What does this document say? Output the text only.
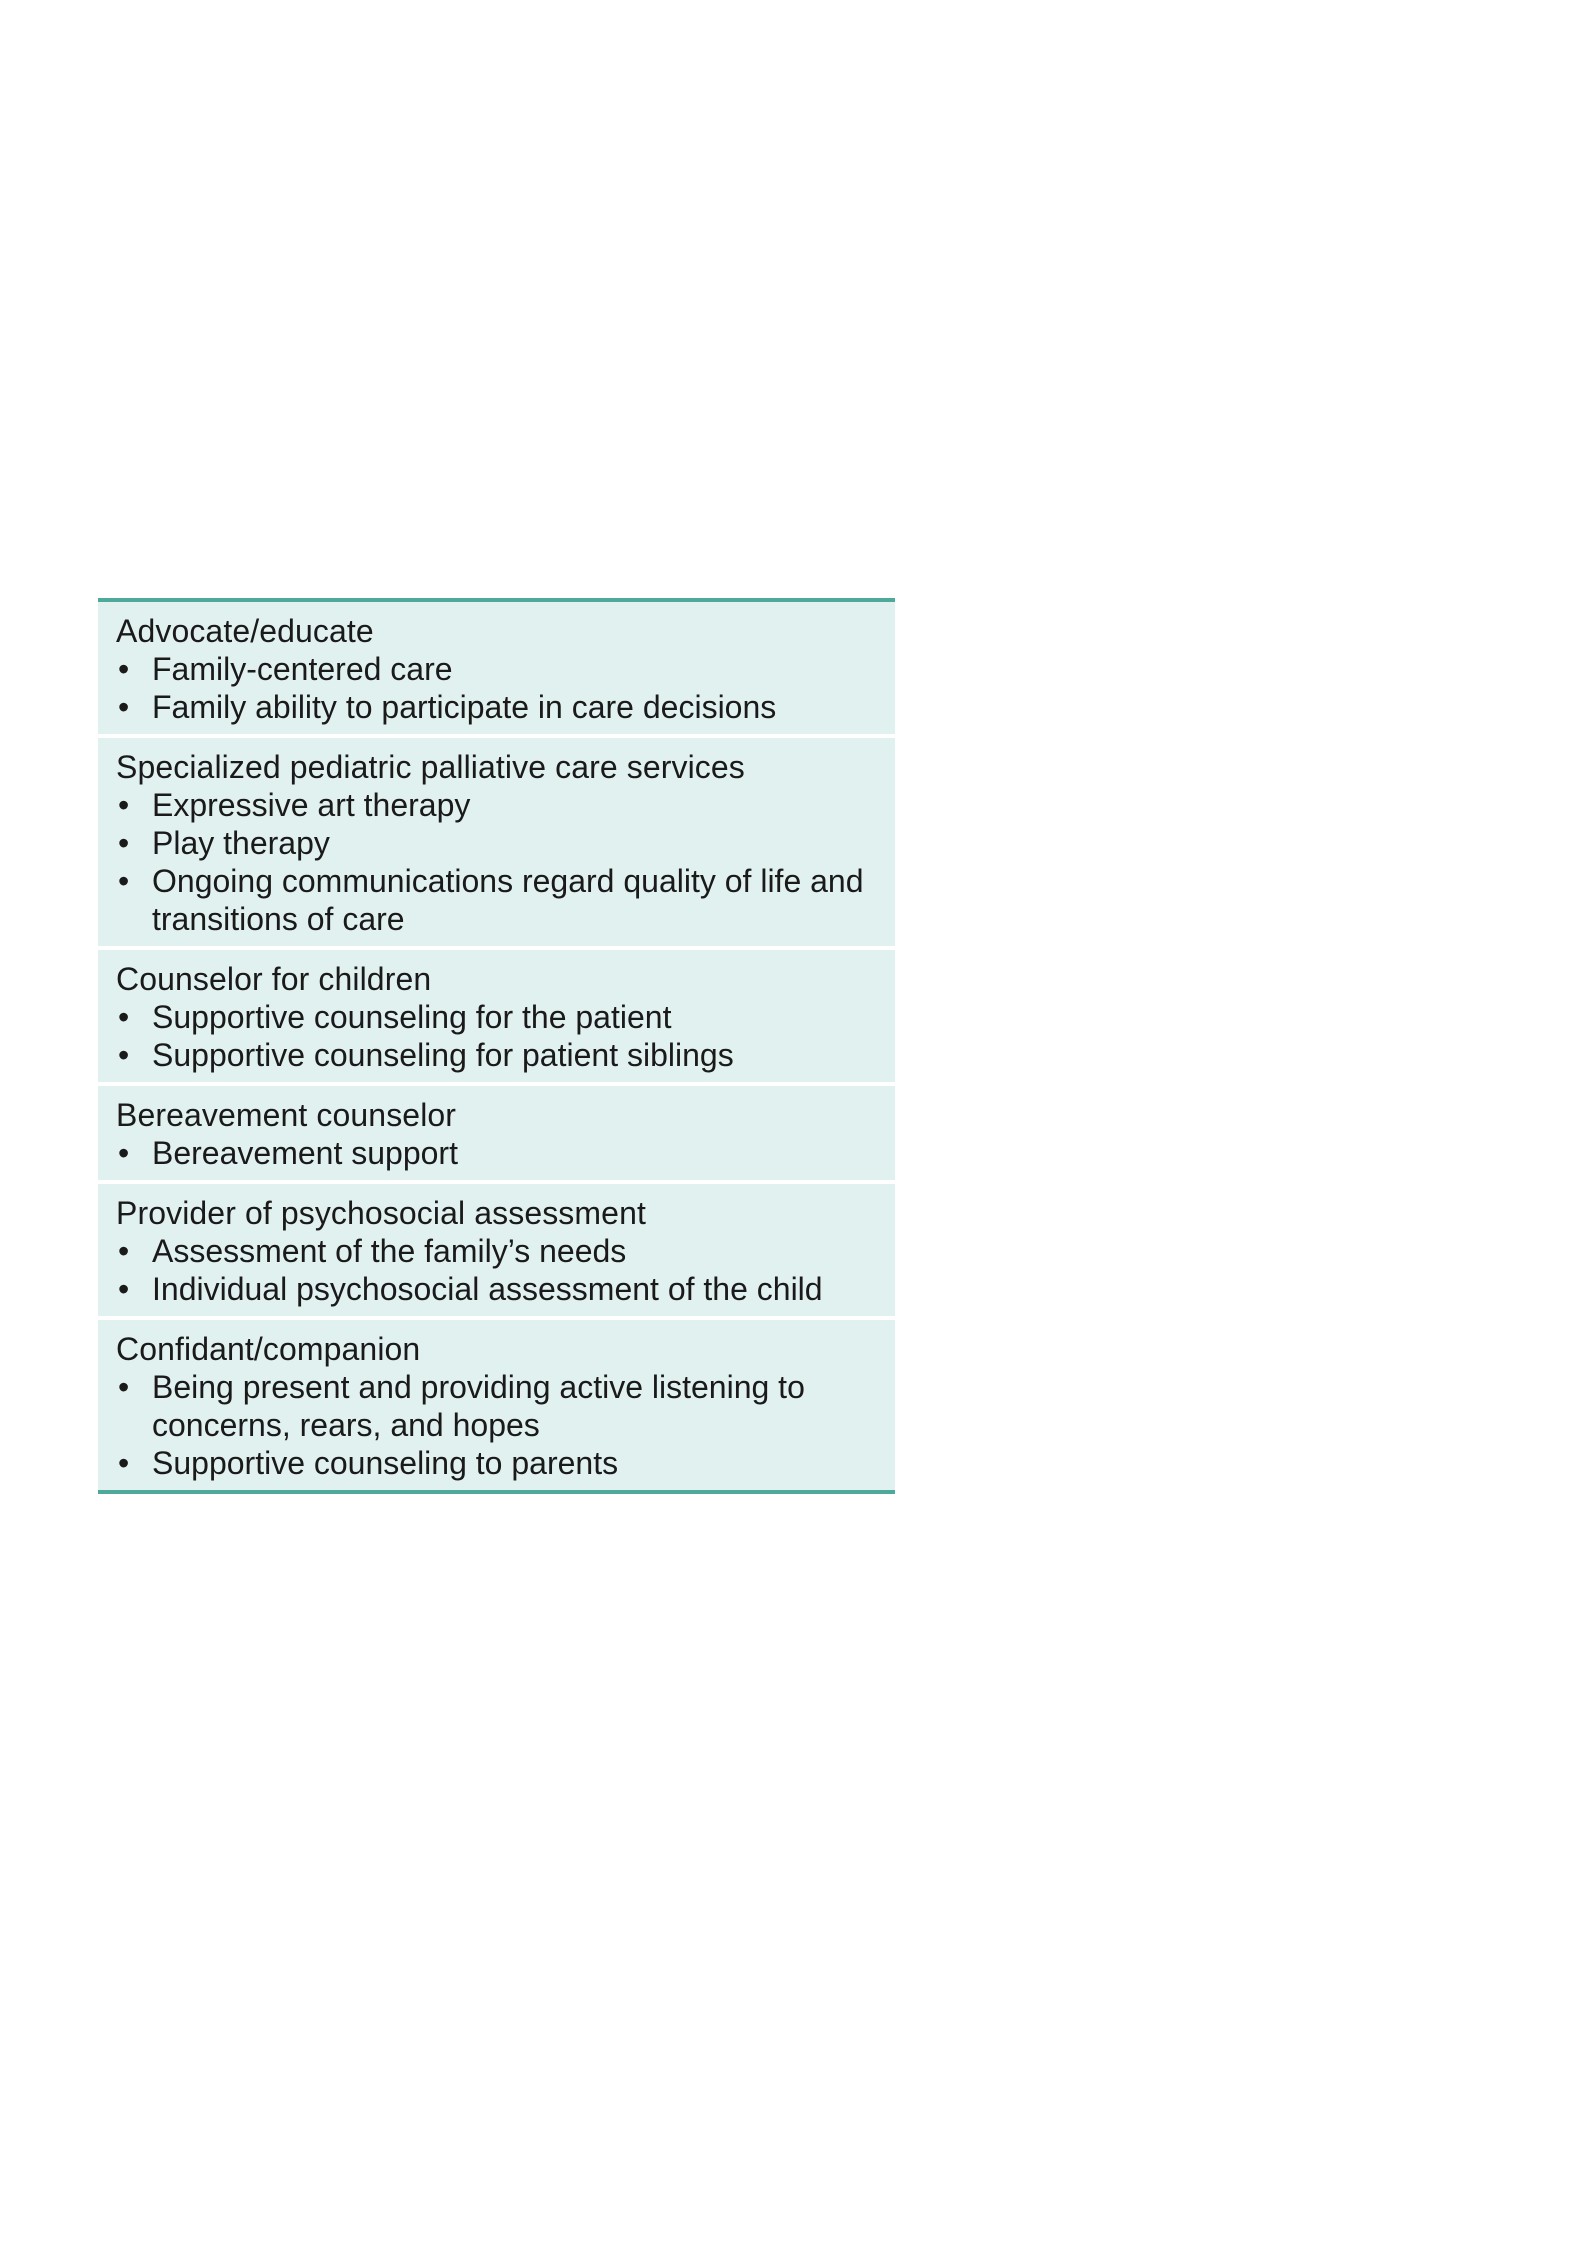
Advocate/educate
• Family-centered care
• Family ability to participate in care decisions
Specialized pediatric palliative care services
• Expressive art therapy
• Play therapy
• Ongoing communications regard quality of life and transitions of care
Counselor for children
• Supportive counseling for the patient
• Supportive counseling for patient siblings
Bereavement counselor
• Bereavement support
Provider of psychosocial assessment
• Assessment of the family’s needs
• Individual psychosocial assessment of the child
Confidant/companion
• Being present and providing active listening to concerns, rears, and hopes
• Supportive counseling to parents
